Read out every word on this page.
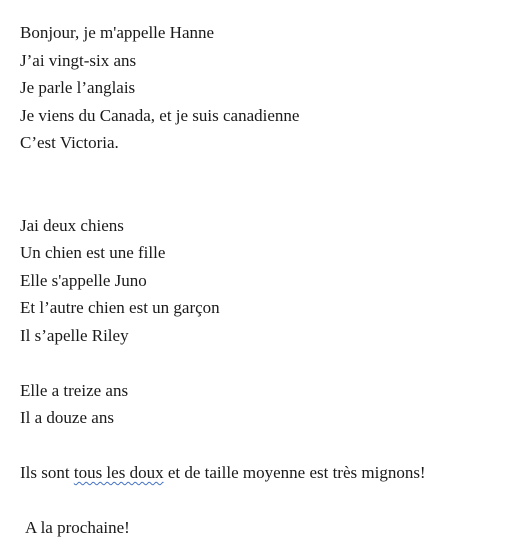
Bonjour, je m'appelle Hanne
J’ai vingt-six ans
Je parle l’anglais
Je viens du Canada, et je suis canadienne
C’est Victoria.
Jai deux chiens
Un chien est une fille
Elle s'appelle Juno
Et l’autre chien est un garçon
Il s’apelle Riley
Elle a treize ans
Il a douze ans
Ils sont tous les doux et de taille moyenne est très mignons!
A la prochaine!
